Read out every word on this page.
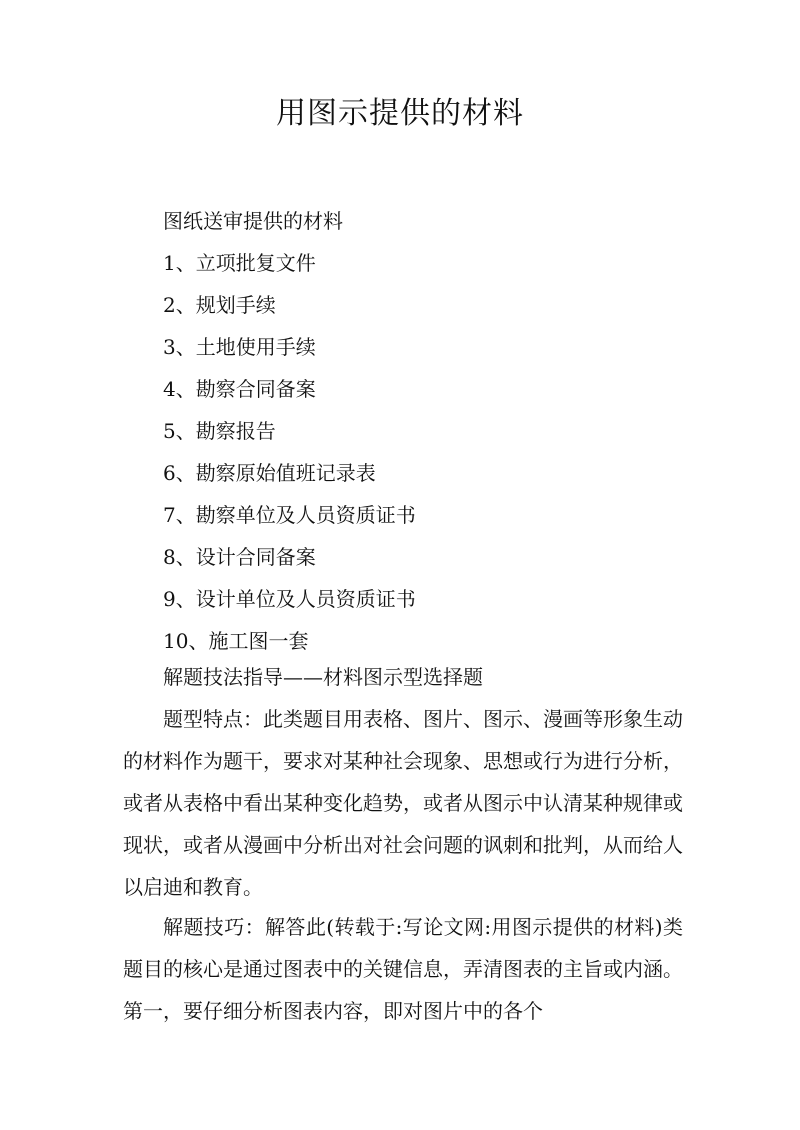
用图示提供的材料
图纸送审提供的材料
1、立项批复文件
2、规划手续
3、土地使用手续
4、勘察合同备案
5、勘察报告
6、勘察原始值班记录表
7、勘察单位及人员资质证书
8、设计合同备案
9、设计单位及人员资质证书
10、施工图一套
解题技法指导——材料图示型选择题
题型特点：此类题目用表格、图片、图示、漫画等形象生动的材料作为题干，要求对某种社会现象、思想或行为进行分析，或者从表格中看出某种变化趋势，或者从图示中认清某种规律或现状，或者从漫画中分析出对社会问题的讽刺和批判，从而给人以启迪和教育。
解题技巧：解答此(转载于:写论文网:用图示提供的材料)类题目的核心是通过图表中的关键信息，弄清图表的主旨或内涵。第一，要仔细分析图表内容，即对图片中的各个
